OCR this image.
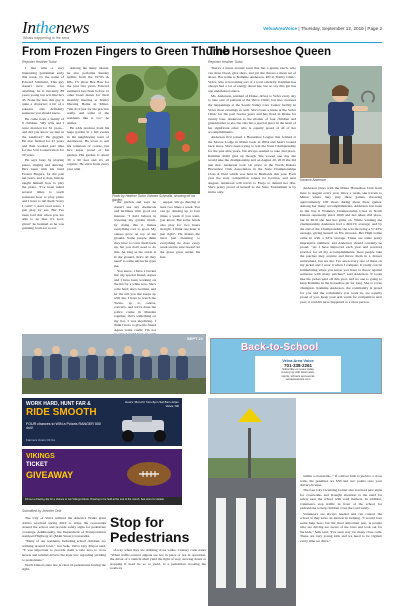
Inthenews
Whats happening in the area
VelvaAreaVoice | Thursday, September 12, 2019 | Page 2
From Frozen Fingers to Green Thumb
Reporter Heather Tudor

I met with a very interesting gentleman early this week, by the name of Edward Schmaltz. This guy doesn't slow down, for anything, he is currently 89 years young but acts like he's 45. None the less, this guy is quite a character; a bit of a jokester and definitely someone you should know.

He came from a family of 6 children. "My wife and I were married for 61 years... and did you know we met in the sandbox?" He giggled. He also farmed for 47 years and then worked part time for the Soil Conservation for 20 years.

He says busy by playing piano, singing and dancing. He's been with his band Frozen Fingers, for the past ten years, and to date, him he taught himself how to play the piano. "I've been asked several times to teach someone how to play piano and I have to tell them 'Sorry I can't!' I don't read notes, I just play by ear. But I've been told that when you are able to do that, it's God-given" he beamed as he was grinning from ear to ear.

Among his many talents, he also performs Sunday hymns from the 1970's & 80's, TV show Hee Haw for the past five years. Edward estimates he's been before 15 other band mates for their monthly meeting at Trinity Nursing Home in Minot. "We do it just for the practice really, and some of the residents like it too" he smiles.

He adds produce from his huge garden in a fall events in the neighboring town of Anamoose. He loves to sell his tomatoes of course, but he's super proud of his garden. His garden is about 30 x 60 feet and it's all organic. He starts fresh every year with

the garden and says he doesn't use any chemicals and fertilizes with good old manure. "I don't believe in watering my garden much, by doing this it makes everything root to good. My onions grow on top of the ground. Some people think they have to cover them back up, but you don't need to do that. As long as the onion is in the ground, that's all they need" is some advice he gave me.

You know, I have a bucket list; my special friend, Agnes and I have been working on the list for a while now. She's a die hard; she's German, and let me tell you she keeps up with me. I have to watch the Twins, go to rodeos, concerts, and we've done the police cruise in Mandan together, that's something on my list. I was skydiving. I think I have to give his friend Agnes some credit; I'm not

supper. We go dancing at least two times a week. You can go dancing up to four times a week if you want, you know. But some bands also play for two hours straight. I think one hour is just right". He makes me tired just listening to everything he does every week and he sure doesn't let the grass grow under his feet.

The Horseshoe Queen
Reporter Heather Tudor

There's a nurse around town that has a gentle touch, who can draw blood, give shots, and yet she throws a mean set of shoes. Her name is Kammie Anderson, RN at Trinity Clinic-Velva, who is becoming sort of a local celebrity. Kammie has always had a lot of energy about her, but so say this gal has one undefeated stance.

Ms. Anderson, resident of Drake, drives to Velva every day to take care of patients at the Velva Clinic, but also oversees the happenings at the Souris Valley Care Center facility in Velva most evenings as well. She's been a nurse at the Velva Clinic for the past twelve years and has lived in Drake for twenty four. Anderson is the mother of four children and grandmother to six, but also has a special place in the heart of her significant other who is equally proud of all of her accomplishments.

Anderson first joined a Horseshoe League that formed at the Moose Lodge in Minot back in 2004 and hasn't looked back since. She's been trying to win the State Championship for the past nine years, but always seemed to take 2nd place. Kammie didn't give up though. She vowed one day she would take the championship and on August 20, 2019 she did just that. Anderson took 1st place at the North Dakota Horseshoe Club Association in the State Championships Class A West which was held in Bismarck this year. Each year the state competition rotates its location, and next August, Anderson will travel to Fargo to defend her title. She's pretty proud of herself as the State Tournament is by invite only.

Anderson plays with the Minot Horseshoe Club from June to August every year. Once a week, she travels to Minot where they play three games, throwing approximately 100 shoes during those three games. Among her many accomplishments, Anderson has been in the Top 6 Women's Championship Class in North Dakota repeatedly since 2009 and has taken 2nd place, but in 2019 she had her game on. While winning the championship Anderson had a 49.01% average; and by the end of the Championship she was throwing a 57.43% average, giving herself an 8% increase. Her High Game came in with a 63% average. These are some pretty impressive numbers, and Anderson should certainly be proud. "As I have improved each year and received practice for all my accomplishments, most people take the patches they acquire and throw them in a drawer somewhere, but not me. I've sewn every one of these on my jacket and I wear it when I compete. It really can be intimidating when you know you have to throw against someone with many patches!" said Anderson. It looks like the jacket paid off this year, and no one is going to keep Kammie in the horseshoe pit for long. She is a true champion. Kammie Anderson, the community is proud for you and the community you work in, are equally proud of you. Keep your arm warm for competition next year; it couldn't have happened to a nicer person.

SEPT 21
Back-to-School
Velva Area Voice
701-338-2261
Subscribe or renew today
to keep up with local news,
sports, schools and events
velvaareavoice.com
WORK HARD, HUNT FAR &
RIDE SMOOTH
FOUR chances to WIN a Polaris RANGER 500 4x4!
Farmers Union Oil Co.
Hours: Mon-Fri 7am-6pm Sat 8am-12pm Velva, ND
VIKINGS
TICKET
GIVEAWAY
Fill out a drawing slip for a chance to win Vikings tickets. Drawing to be held at the end of the month. See store for details.
Stop for
Pedestrians
Submitted by Jennifer Selk

The City of Velva utilized the America Walks grant dollars received spring 2019 to stripe the crosswalks around the school and provide safety signs for pedestrian crossings. Additionally, the Department of Transportation restriped Highway 41 (Main Street) crosswalks.

"Many of our residents, including school children, are walking around town," Jen Selk, Velva City Mayor said. "It was important to provide them a safe area to cross streets and remind drivers the state law regarding yielding to pedestrians."

North Dakota state law is clear on pedestrians having the right-

of-way when they are utilizing cross walks. Century code states "When traffic-control signals are not in place or not in operation, the driver of a vehicle shall yield the right of way, slowing down or stopping if need be so to yield, to a pedestrian crossing the roadway

within a crosswalk..." If a driver fails to yield to a cross walk, the penalties are $30 and two points onto your driver's license.

The four City Licensing Center also received new signs for crosswalks and brought attention to the need for safety near the school with road markers. In addition, volunteers stop traffic in front of the school for pedestrians to help children cross the road safely.

Volunteers are always needed and can contact the school if they have an interest in helping. "I would love some help here, but the most important part, is people who are driving are aware of the laws and look out for the kids," Selk said. "I've seen way too many close calls. These are very young kids and we need to be vigilant every time we drive."

Photo by Heather Tudor, Edward Schmaltz, showing off his garden.
Kammie Anderson
